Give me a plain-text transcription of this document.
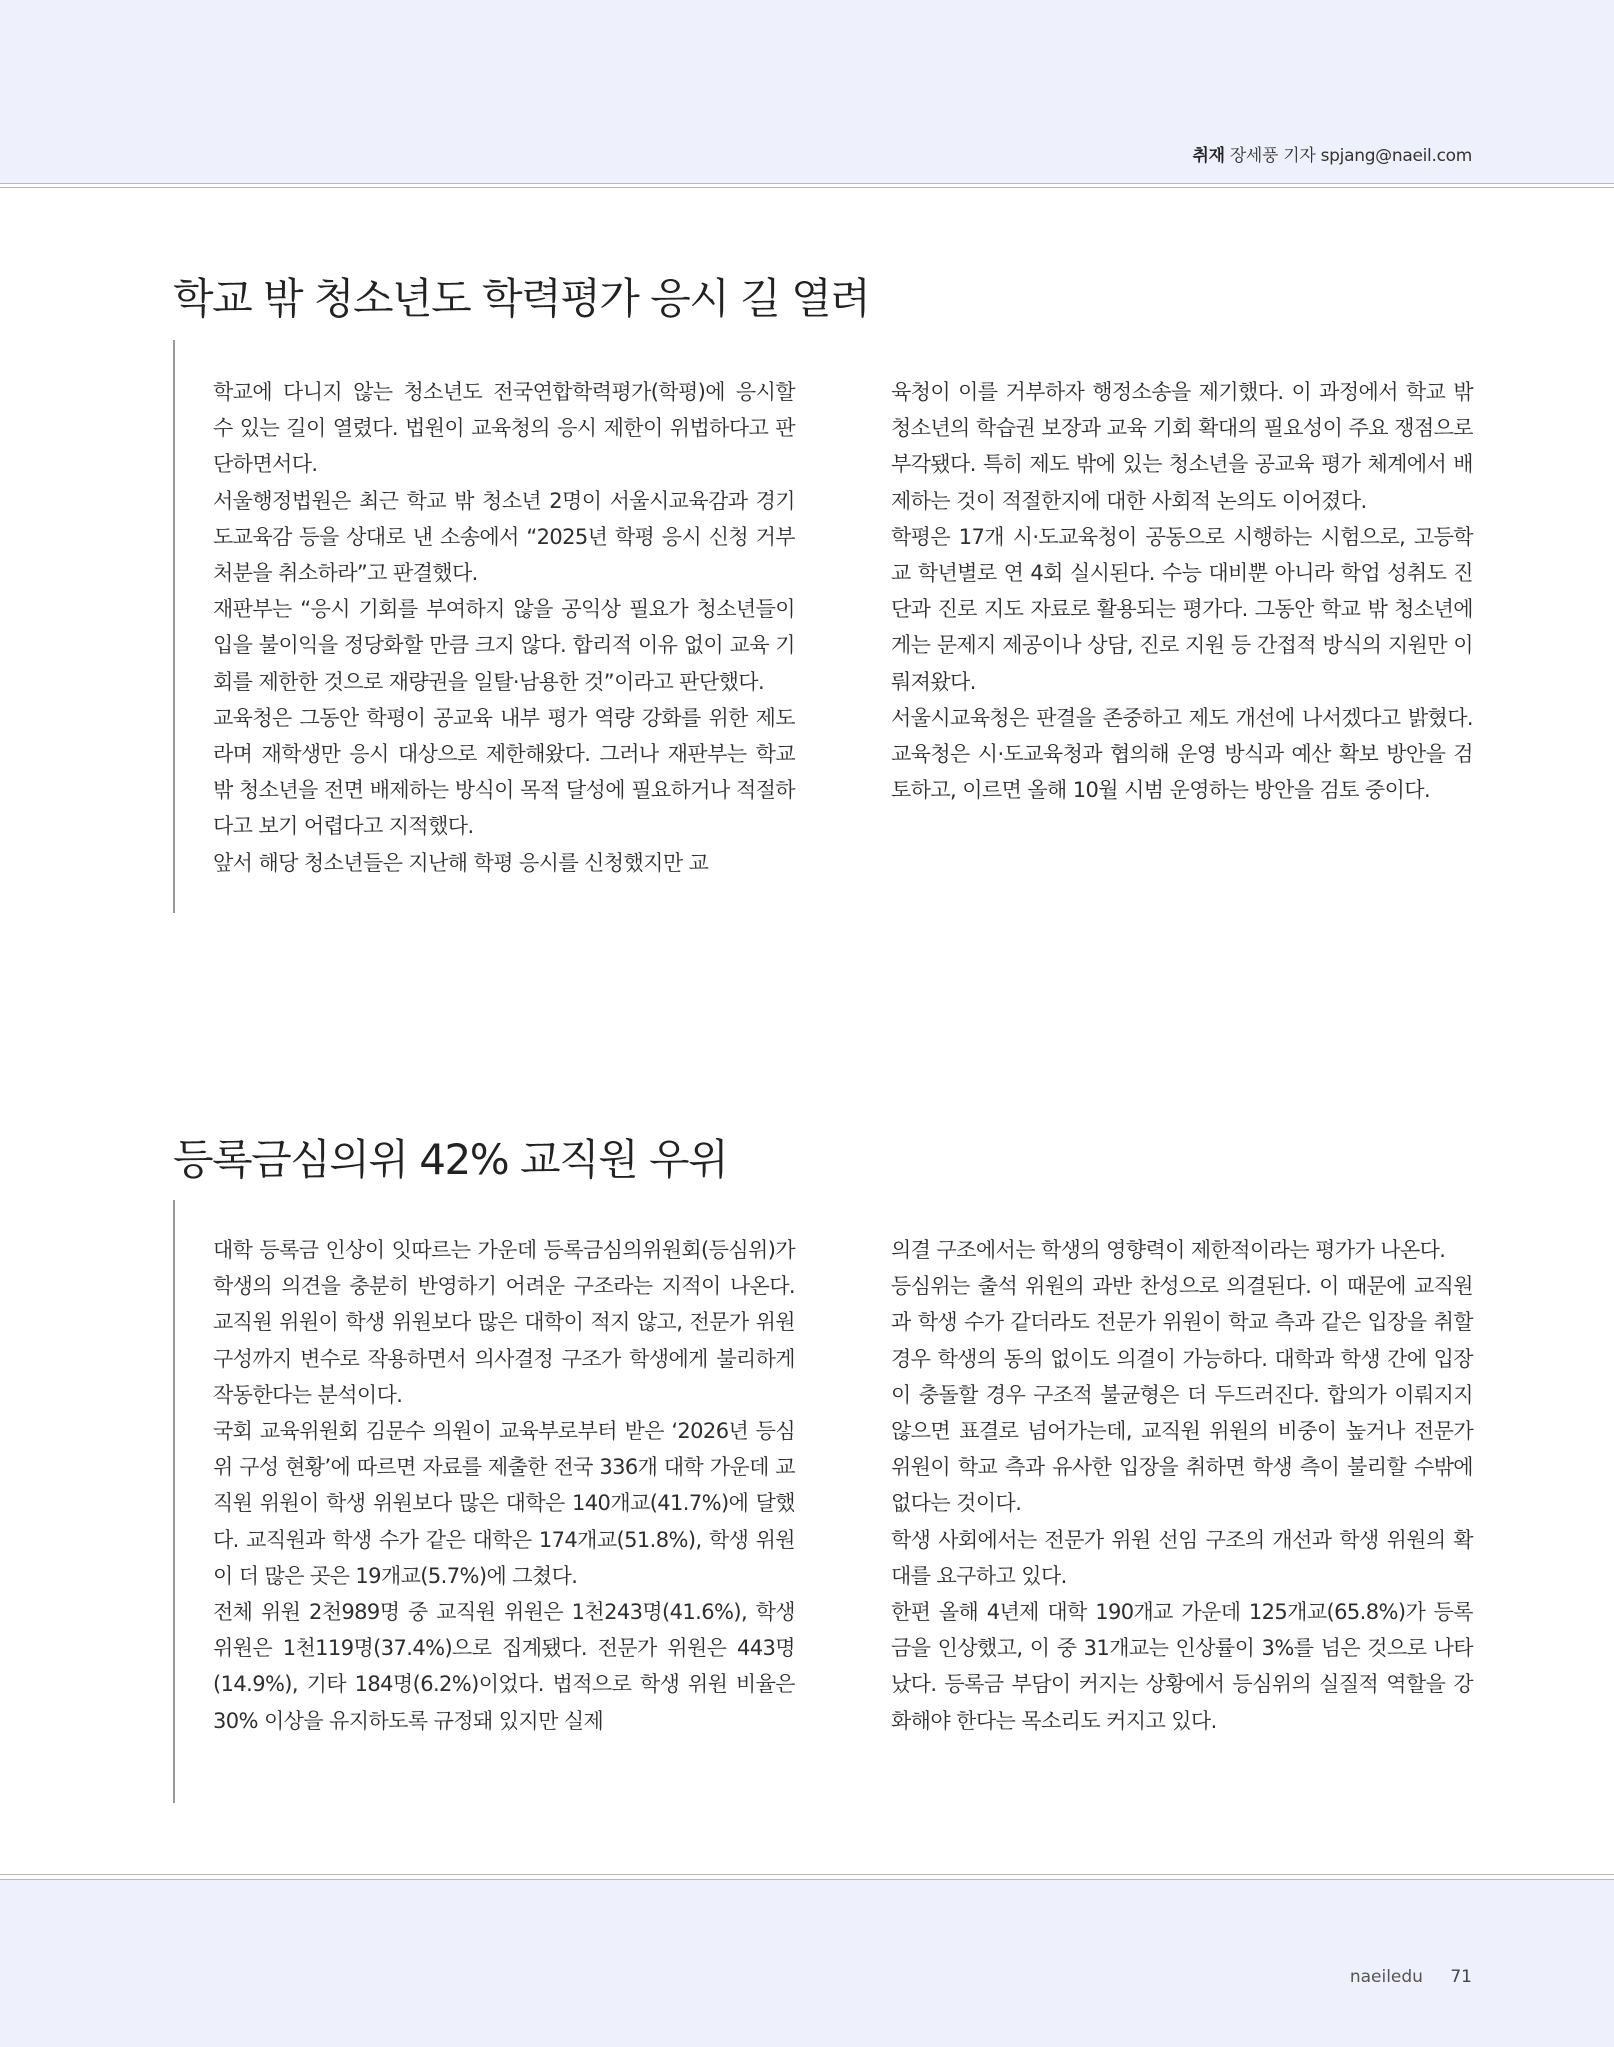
취재 장세풍 기자 spjang@naeil.com
학교 밖 청소년도 학력평가 응시 길 열려

학교에 다니지 않는 청소년도 전국연합학력평가(학평)에 응시할 수 있는 길이 열렸다. 법원이 교육청의 응시 제한이 위법하다고 판단하면서다.

서울행정법원은 최근 학교 밖 청소년 2명이 서울시교육감과 경기도교육감 등을 상대로 낸 소송에서 “2025년 학평 응시 신청 거부처분을 취소하라”고 판결했다.

재판부는 “응시 기회를 부여하지 않을 공익상 필요가 청소년들이 입을 불이익을 정당화할 만큼 크지 않다. 합리적 이유 없이 교육 기회를 제한한 것으로 재량권을 일탈·남용한 것”이라고 판단했다.

교육청은 그동안 학평이 공교육 내부 평가 역량 강화를 위한 제도라며 재학생만 응시 대상으로 제한해왔다. 그러나 재판부는 학교 밖 청소년을 전면 배제하는 방식이 목적 달성에 필요하거나 적절하다고 보기 어렵다고 지적했다.

앞서 해당 청소년들은 지난해 학평 응시를 신청했지만 교

육청이 이를 거부하자 행정소송을 제기했다. 이 과정에서 학교 밖 청소년의 학습권 보장과 교육 기회 확대의 필요성이 주요 쟁점으로 부각됐다. 특히 제도 밖에 있는 청소년을 공교육 평가 체계에서 배제하는 것이 적절한지에 대한 사회적 논의도 이어졌다.

학평은 17개 시·도교육청이 공동으로 시행하는 시험으로, 고등학교 학년별로 연 4회 실시된다. 수능 대비뿐 아니라 학업 성취도 진단과 진로 지도 자료로 활용되는 평가다. 그동안 학교 밖 청소년에게는 문제지 제공이나 상담, 진로 지원 등 간접적 방식의 지원만 이뤄져왔다.

서울시교육청은 판결을 존중하고 제도 개선에 나서겠다고 밝혔다. 교육청은 시·도교육청과 협의해 운영 방식과 예산 확보 방안을 검토하고, 이르면 올해 10월 시범 운영하는 방안을 검토 중이다.

등록금심의위 42% 교직원 우위

대학 등록금 인상이 잇따르는 가운데 등록금심의위원회(등심위)가 학생의 의견을 충분히 반영하기 어려운 구조라는 지적이 나온다. 교직원 위원이 학생 위원보다 많은 대학이 적지 않고, 전문가 위원 구성까지 변수로 작용하면서 의사결정 구조가 학생에게 불리하게 작동한다는 분석이다.

국회 교육위원회 김문수 의원이 교육부로부터 받은 ‘2026년 등심위 구성 현황’에 따르면 자료를 제출한 전국 336개 대학 가운데 교직원 위원이 학생 위원보다 많은 대학은 140개교(41.7%)에 달했다. 교직원과 학생 수가 같은 대학은 174개교(51.8%), 학생 위원이 더 많은 곳은 19개교(5.7%)에 그쳤다.

전체 위원 2천989명 중 교직원 위원은 1천243명(41.6%), 학생 위원은 1천119명(37.4%)으로 집계됐다. 전문가 위원은 443명(14.9%), 기타 184명(6.2%)이었다. 법적으로 학생 위원 비율은 30% 이상을 유지하도록 규정돼 있지만 실제

의결 구조에서는 학생의 영향력이 제한적이라는 평가가 나온다.

등심위는 출석 위원의 과반 찬성으로 의결된다. 이 때문에 교직원과 학생 수가 같더라도 전문가 위원이 학교 측과 같은 입장을 취할 경우 학생의 동의 없이도 의결이 가능하다. 대학과 학생 간에 입장이 충돌할 경우 구조적 불균형은 더 두드러진다. 합의가 이뤄지지 않으면 표결로 넘어가는데, 교직원 위원의 비중이 높거나 전문가 위원이 학교 측과 유사한 입장을 취하면 학생 측이 불리할 수밖에 없다는 것이다.

학생 사회에서는 전문가 위원 선임 구조의 개선과 학생 위원의 확대를 요구하고 있다.

한편 올해 4년제 대학 190개교 가운데 125개교(65.8%)가 등록금을 인상했고, 이 중 31개교는 인상률이 3%를 넘은 것으로 나타났다. 등록금 부담이 커지는 상황에서 등심위의 실질적 역할을 강화해야 한다는 목소리도 커지고 있다.

naeiledu 71
